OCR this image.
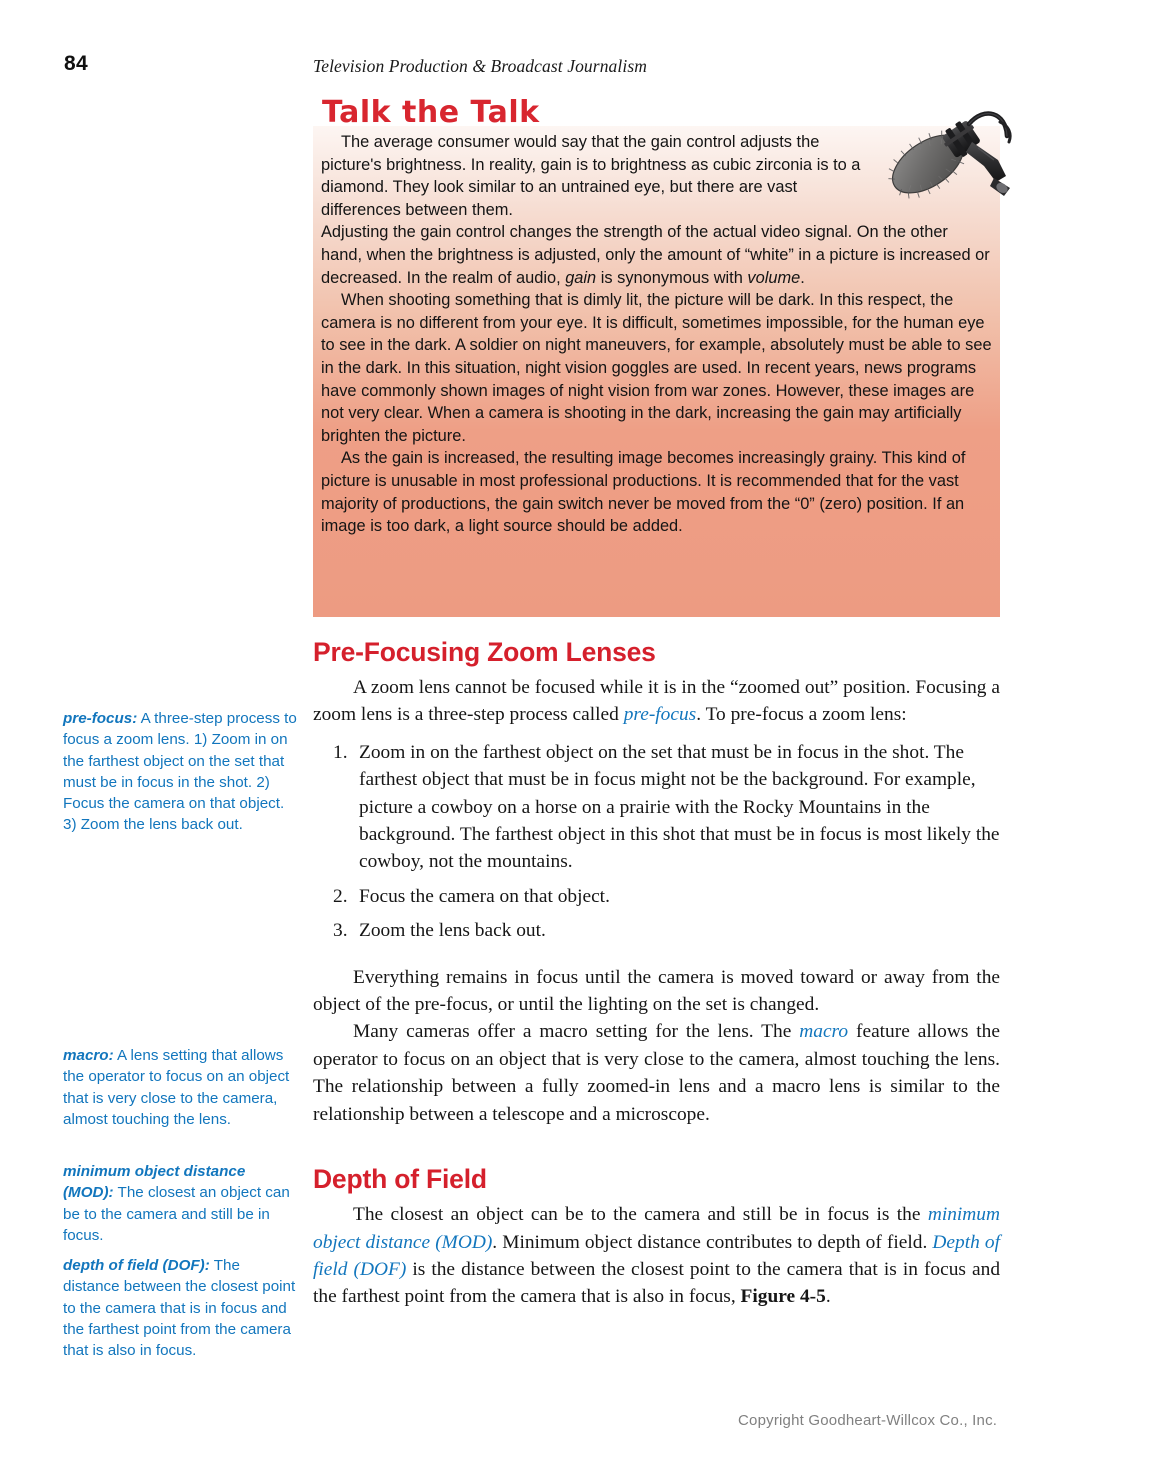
84	Television Production & Broadcast Journalism
Talk the Talk

The average consumer would say that the gain control adjusts the picture's brightness. In reality, gain is to brightness as cubic zirconia is to a diamond. They look similar to an untrained eye, but there are vast differences between them.

Adjusting the gain control changes the strength of the actual video signal. On the other hand, when the brightness is adjusted, only the amount of “white” in a picture is increased or decreased. In the realm of audio, gain is synonymous with volume.

When shooting something that is dimly lit, the picture will be dark. In this respect, the camera is no different from your eye. It is difficult, sometimes impossible, for the human eye to see in the dark. A soldier on night maneuvers, for example, absolutely must be able to see in the dark. In this situation, night vision goggles are used. In recent years, news programs have commonly shown images of night vision from war zones. However, these images are not very clear. When a camera is shooting in the dark, increasing the gain may artificially brighten the picture.

As the gain is increased, the resulting image becomes increasingly grainy. This kind of picture is unusable in most professional productions. It is recommended that for the vast majority of productions, the gain switch never be moved from the “0” (zero) position. If an image is too dark, a light source should be added.

pre-focus: A three-step process to focus a zoom lens. 1) Zoom in on the farthest object on the set that must be in focus in the shot. 2) Focus the camera on that object. 3) Zoom the lens back out.

macro: A lens setting that allows the operator to focus on an object that is very close to the camera, almost touching the lens.

minimum object distance (MOD): The closest an object can be to the camera and still be in focus.

depth of field (DOF): The distance between the closest point to the camera that is in focus and the farthest point from the camera that is also in focus.

Pre-Focusing Zoom Lenses

A zoom lens cannot be focused while it is in the “zoomed out” position. Focusing a zoom lens is a three-step process called pre-focus. To pre-focus a zoom lens:

Zoom in on the farthest object on the set that must be in focus in the shot. The farthest object that must be in focus might not be the background. For example, picture a cowboy on a horse on a prairie with the Rocky Mountains in the background. The farthest object in this shot that must be in focus is most likely the cowboy, not the mountains.
Focus the camera on that object.
Zoom the lens back out.

Everything remains in focus until the camera is moved toward or away from the object of the pre-focus, or until the lighting on the set is changed.

Many cameras offer a macro setting for the lens. The macro feature allows the operator to focus on an object that is very close to the camera, almost touching the lens. The relationship between a fully zoomed-in lens and a macro lens is similar to the relationship between a telescope and a microscope.

Depth of Field

The closest an object can be to the camera and still be in focus is the minimum object distance (MOD). Minimum object distance contributes to depth of field. Depth of field (DOF) is the distance between the closest point to the camera that is in focus and the farthest point from the camera that is also in focus, Figure 4-5.

Copyright Goodheart-Willcox Co., Inc.
